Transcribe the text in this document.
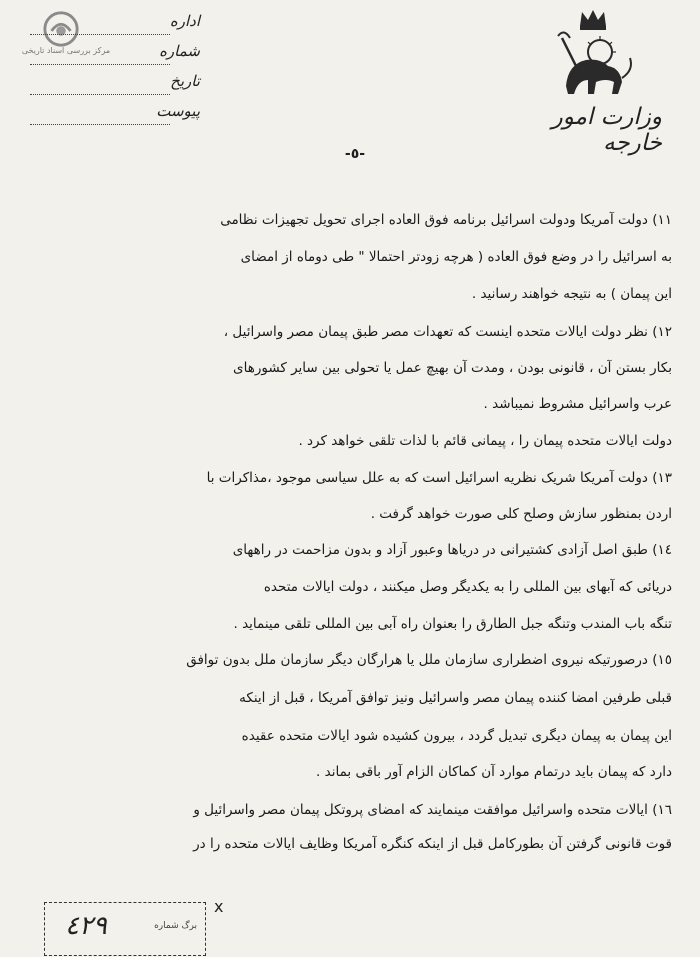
مرکز بررسی اسناد تاریخی
اداره
شماره
تاریخ
پیوست	وزارت امور خارجه
-٥-
١١) دولت آمریکا ودولت اسرائیل برنامه فوق العاده اجرای تحویل تجهیزات نظامی
به اسرائیل را در وضع فوق العاده ( هرچه زودتر احتمالا " طی دوماه از امضای
این پیمان ) به نتیجه خواهند رسانید .
١٢) نظر دولت ایالات متحده اینست که تعهدات مصر طبق پیمان مصر واسرائیل ،
بکار بستن آن ، قانونی بودن ، ومدت آن بهیچ عمل یا تحولی بین سایر کشورهای
عرب واسرائیل مشروط نمیباشد .
دولت ایالات متحده پیمان را ، پیمانی قائم با لذات تلقی خواهد کرد .
١٣) دولت آمریکا شریک نظریه اسرائیل است که به علل سیاسی موجود ،مذاکرات با
اردن بمنظور سازش وصلح کلی صورت خواهد گرفت .
١٤) طبق اصل آزادی کشتیرانی در دریاها وعبور آزاد و بدون مزاحمت در راههای
دریائی که آبهای بین المللی را به یکدیگر وصل میکنند ، دولت ایالات متحده
تنگه باب المندب وتنگه جبل الطارق را بعنوان راه آبی بین المللی تلقی مینماید .
١٥) درصورتیکه نیروی اضطراری سازمان ملل یا هرارگان دیگر سازمان ملل بدون توافق
قبلی طرفین امضا کننده پیمان مصر واسرائیل ونیز توافق آمریکا ، قبل از اینکه
این پیمان به پیمان دیگری تبدیل گردد ، بیرون کشیده شود ایالات متحده عقیده
دارد که پیمان باید درتمام موارد آن کماکان الزام آور باقی بماند .
١٦) ایالات متحده واسرائیل موافقت مینمایند که امضای پروتکل پیمان مصر واسرائیل و
قوت قانونی گرفتن آن بطورکامل قبل از اینکه کنگره آمریکا وظایف ایالات متحده را در
٤٢٩	برگ شماره
x
